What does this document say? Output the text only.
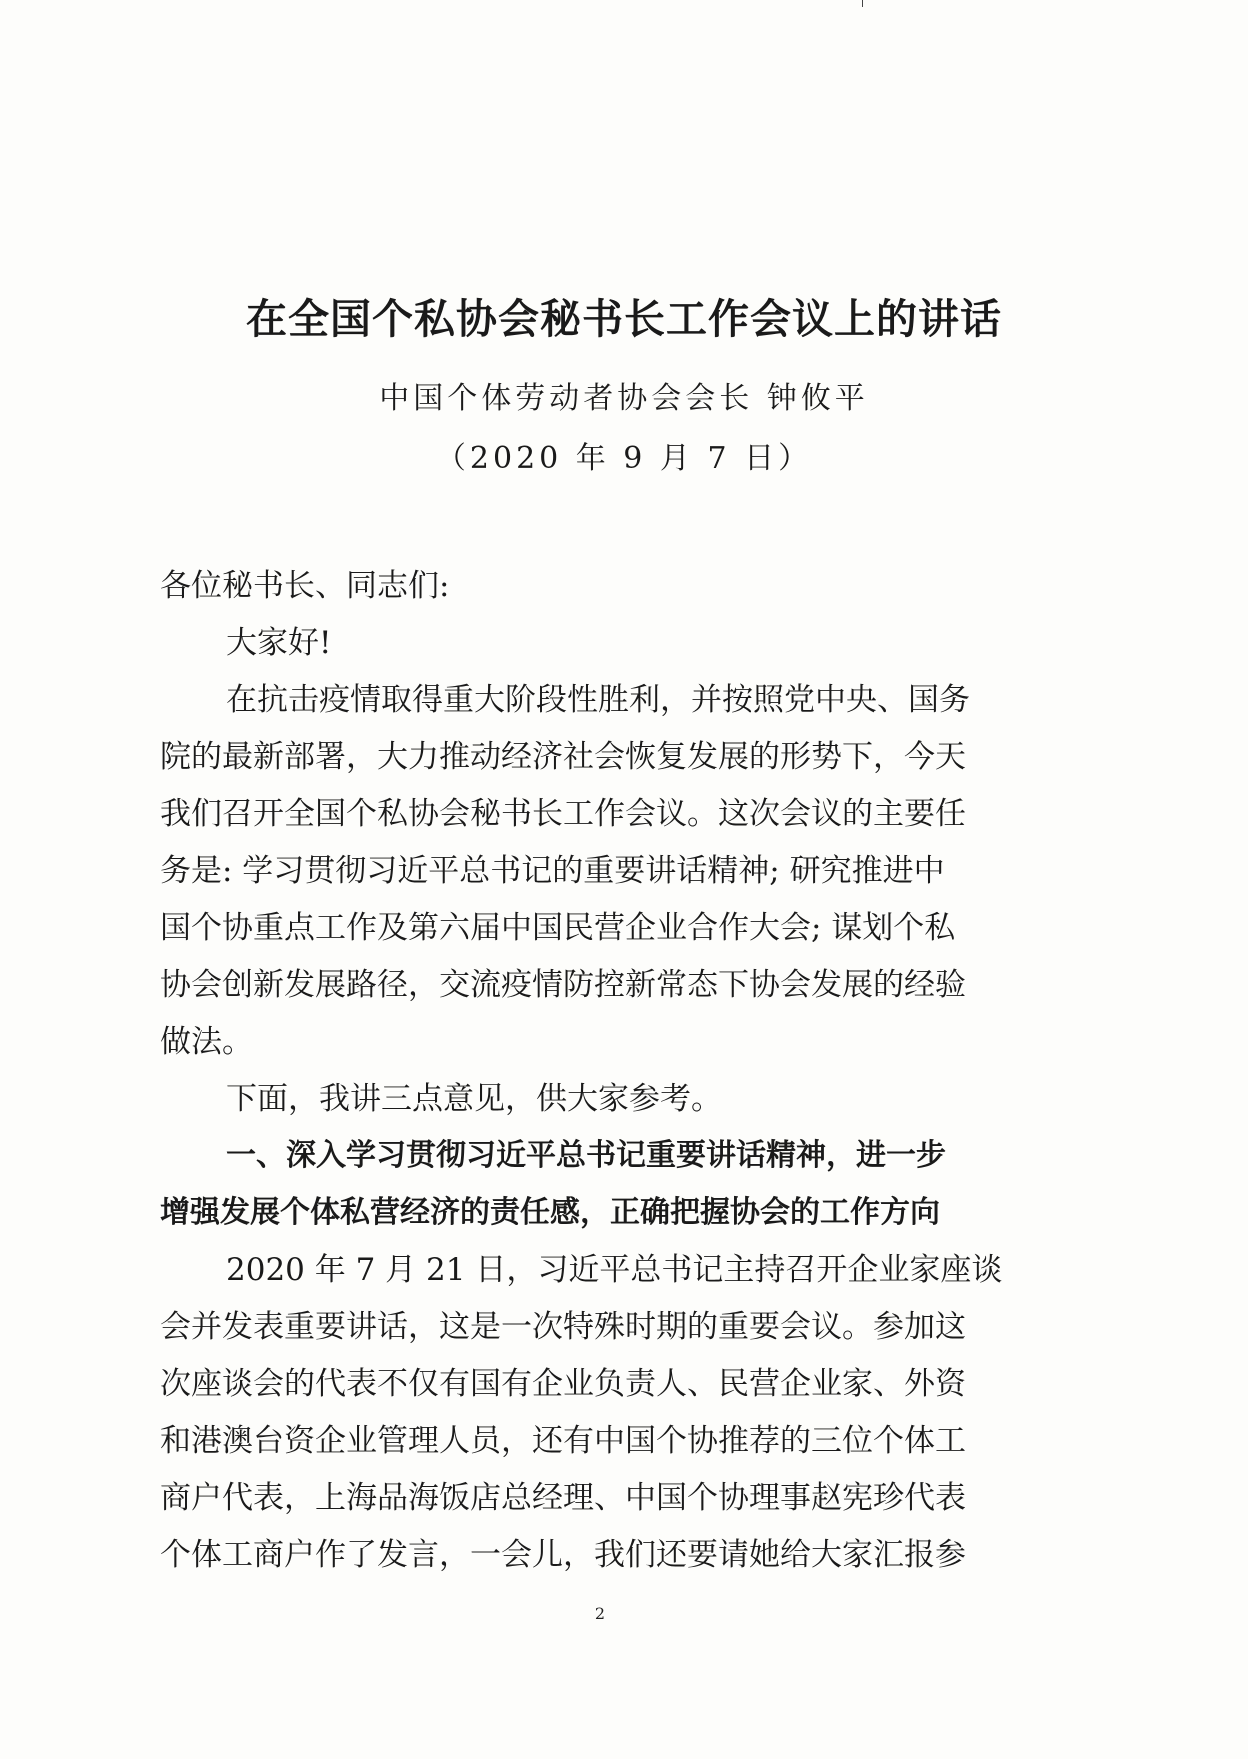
在全国个私协会秘书长工作会议上的讲话
中国个体劳动者协会会长 钟攸平
（2020 年 9 月 7 日）
各位秘书长、同志们:
大家好!
在抗击疫情取得重大阶段性胜利，并按照党中央、国务
院的最新部署，大力推动经济社会恢复发展的形势下，今天
我们召开全国个私协会秘书长工作会议。这次会议的主要任
务是: 学习贯彻习近平总书记的重要讲话精神; 研究推进中
国个协重点工作及第六届中国民营企业合作大会; 谋划个私
协会创新发展路径，交流疫情防控新常态下协会发展的经验
做法。
下面，我讲三点意见，供大家参考。
一、深入学习贯彻习近平总书记重要讲话精神，进一步
增强发展个体私营经济的责任感，正确把握协会的工作方向
2020 年 7 月 21 日，习近平总书记主持召开企业家座谈
会并发表重要讲话，这是一次特殊时期的重要会议。参加这
次座谈会的代表不仅有国有企业负责人、民营企业家、外资
和港澳台资企业管理人员，还有中国个协推荐的三位个体工
商户代表，上海品海饭店总经理、中国个协理事赵宪珍代表
个体工商户作了发言，一会儿，我们还要请她给大家汇报参
2
